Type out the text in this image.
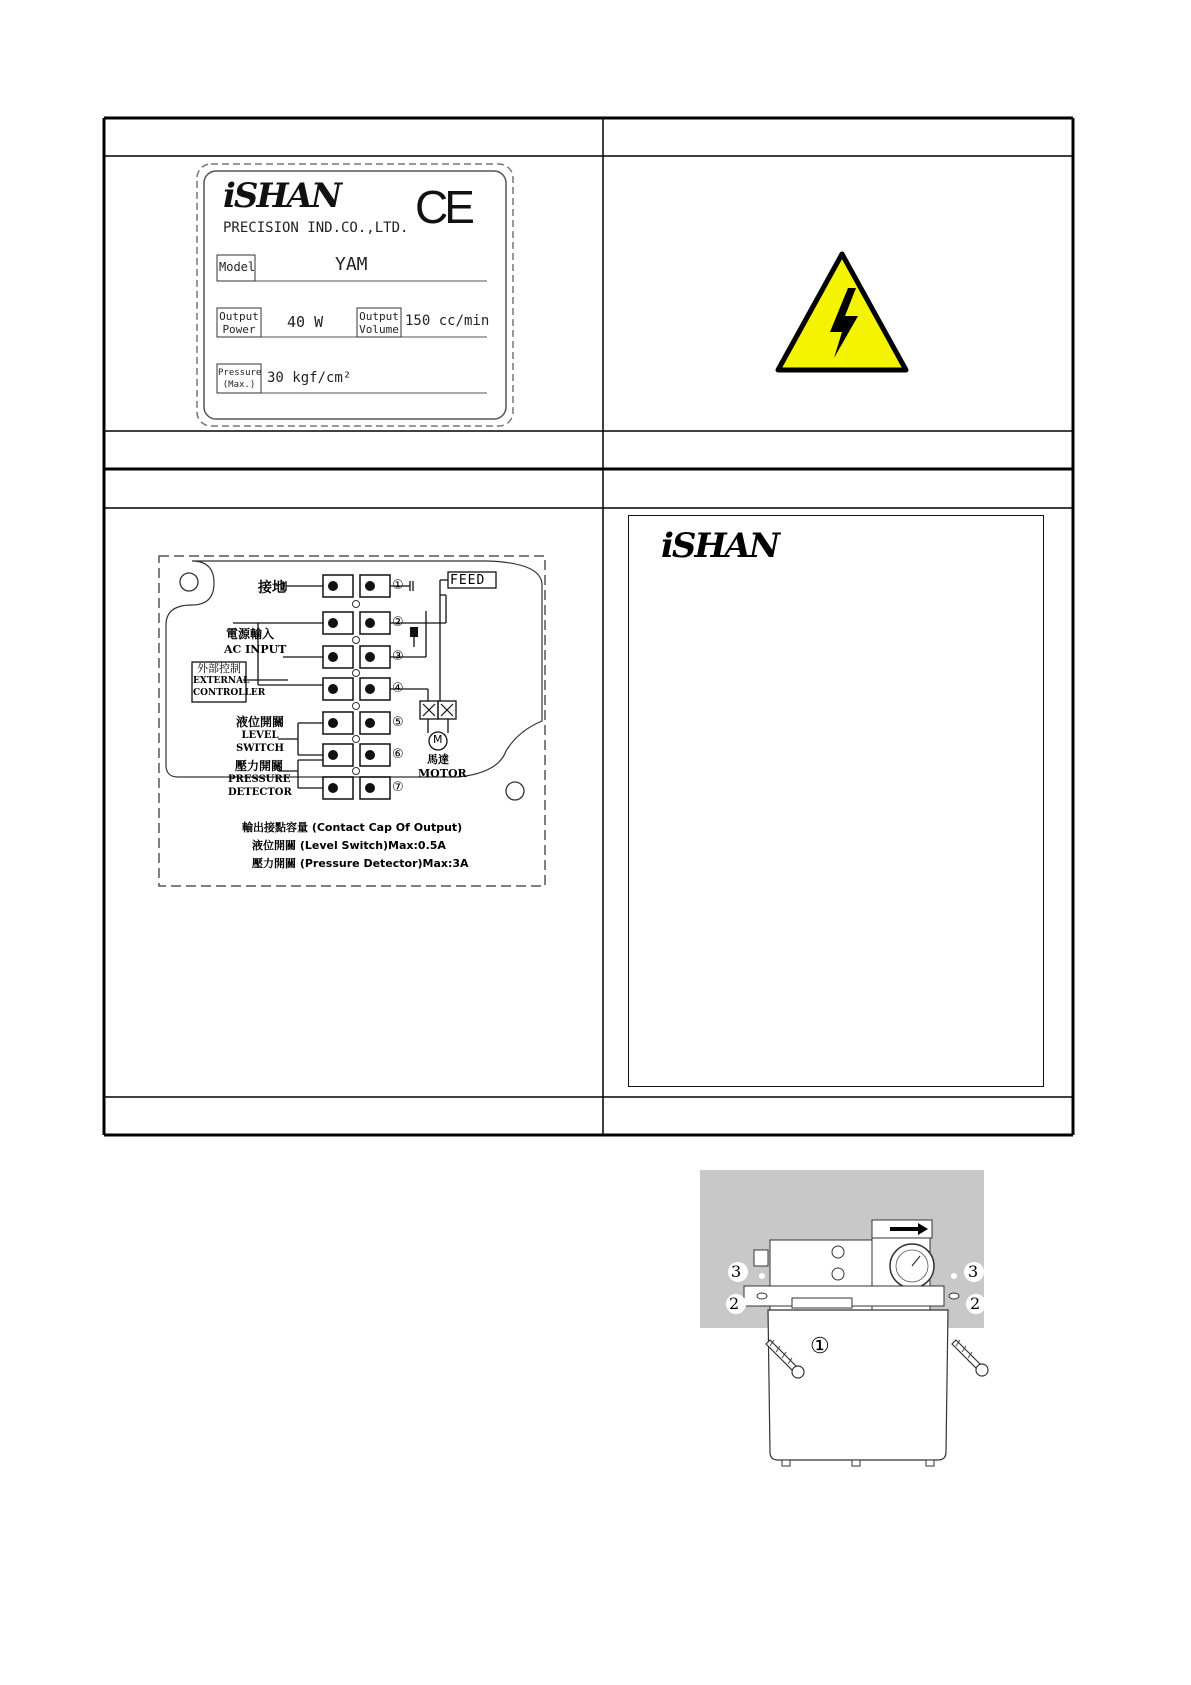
iSHAN CE
PRECISION IND.CO.,LTD.
Model	YAM
Output
Power 40 W	Output
Volume
150 cc/min
Pressure
(Max.) 30 kgf/cm²
接地	FEED
電源輸入
AC INPUT
外部控制
EXTERNAL
CONTROLLER
液位開關
LEVEL
SWITCH
壓力開關
PRESSURE
DETECTOR
M
馬達
MOTOR
①
②
③
④
⑤
⑥
⑦
輸出接點容量 (Contact Cap Of Output)
液位開關 (Level Switch)Max:0.5A
壓力開關 (Pressure Detector)Max:3A
iSHAN
3
2
①
3
2
